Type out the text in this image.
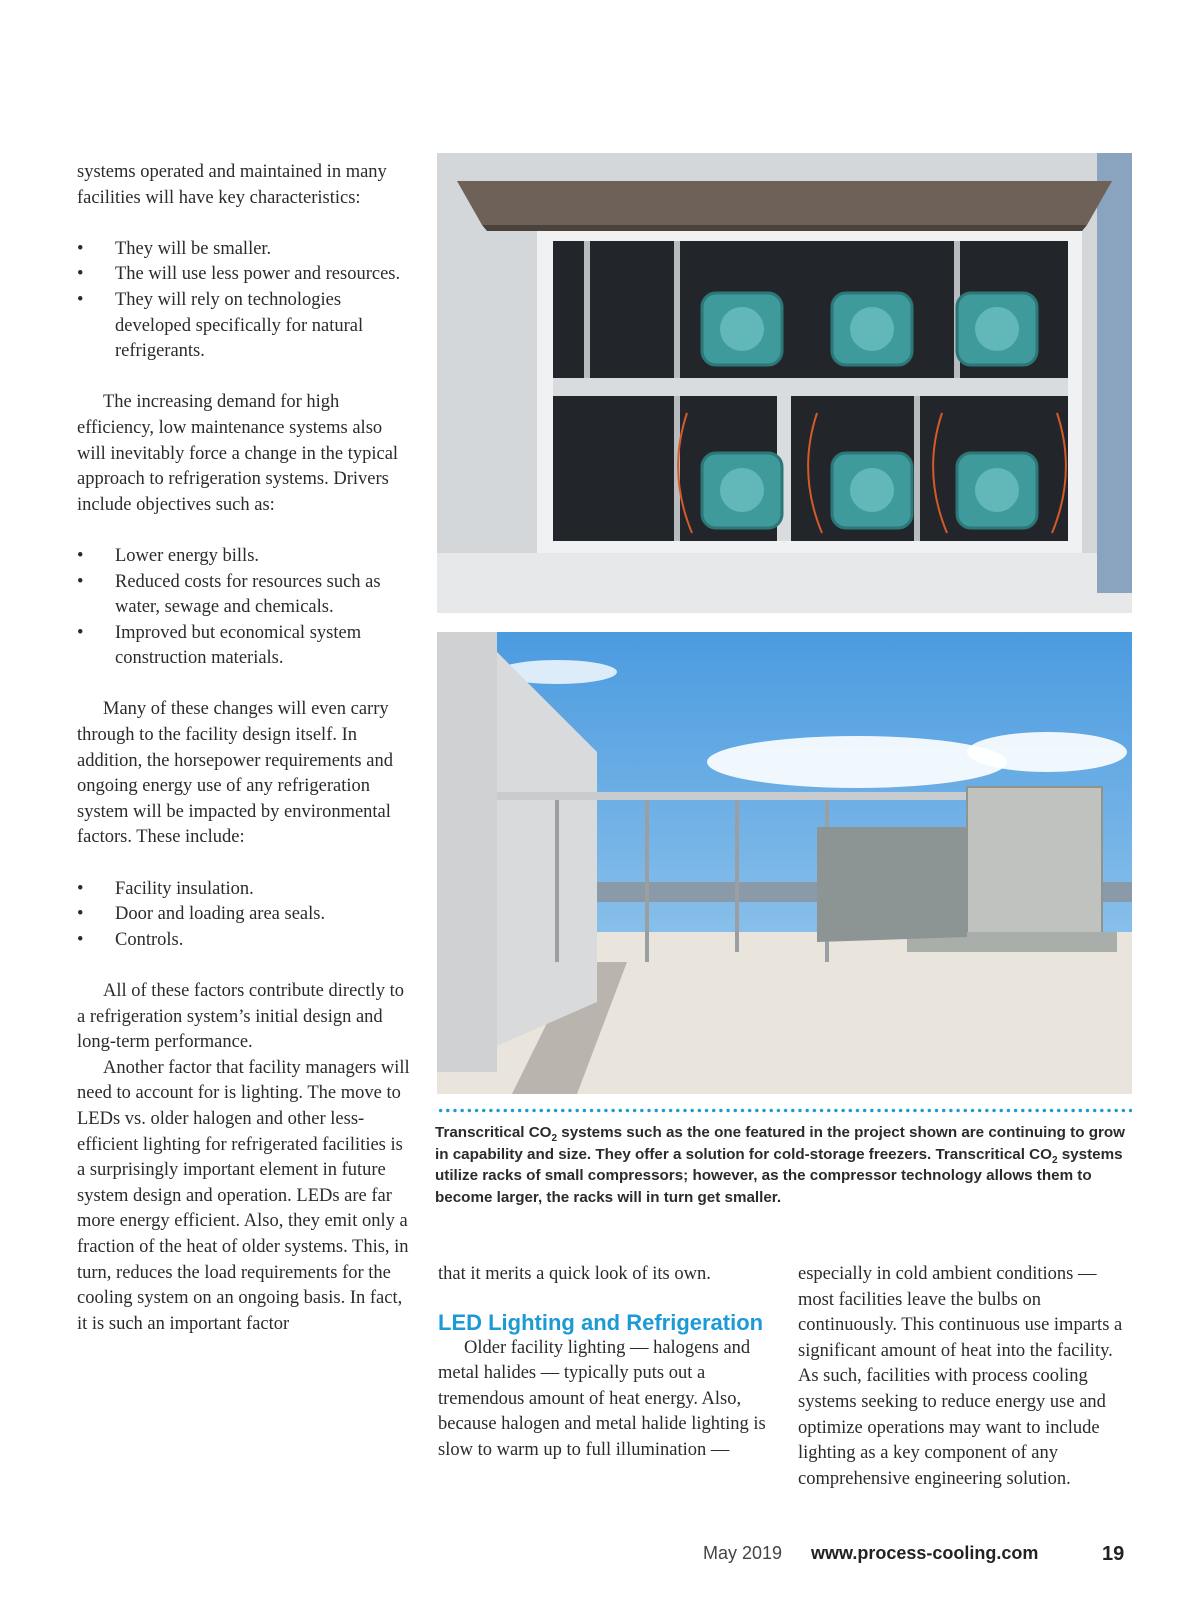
systems operated and maintained in many facilities will have key characteristics:

• They will be smaller.
• The will use less power and resources.
• They will rely on technologies developed specifically for natural refrigerants.

The increasing demand for high efficiency, low maintenance systems also will inevitably force a change in the typical approach to refrigeration systems. Drivers include objectives such as:

• Lower energy bills.
• Reduced costs for resources such as water, sewage and chemicals.
• Improved but economical system construction materials.

Many of these changes will even carry through to the facility design itself. In addition, the horsepower requirements and ongoing energy use of any refrigeration system will be impacted by environmental factors. These include:

• Facility insulation.
• Door and loading area seals.
• Controls.

All of these factors contribute directly to a refrigeration system’s initial design and long-term performance.

Another factor that facility managers will need to account for is lighting. The move to LEDs vs. older halogen and other less-efficient lighting for refrigerated facilities is a surprisingly important element in future system design and operation. LEDs are far more energy efficient. Also, they emit only a fraction of the heat of older systems. This, in turn, reduces the load requirements for the cooling system on an ongoing basis. In fact, it is such an important factor

Transcritical $CO_2$ systems such as the one featured in the project shown are continuing to grow in capability and size. They offer a solution for cold-storage freezers. Transcritical $CO_2$ systems utilize racks of small compressors; however, as the compressor technology allows them to become larger, the racks will in turn get smaller.

that it merits a quick look of its own.

LED Lighting and Refrigeration

Older facility lighting — halogens and metal halides — typically puts out a tremendous amount of heat energy. Also, because halogen and metal halide lighting is slow to warm up to full illumination —

especially in cold ambient conditions — most facilities leave the bulbs on continuously. This continuous use imparts a significant amount of heat into the facility. As such, facilities with process cooling systems seeking to reduce energy use and optimize operations may want to include lighting as a key component of any comprehensive engineering solution.

May 2019 www.process-cooling.com	19
